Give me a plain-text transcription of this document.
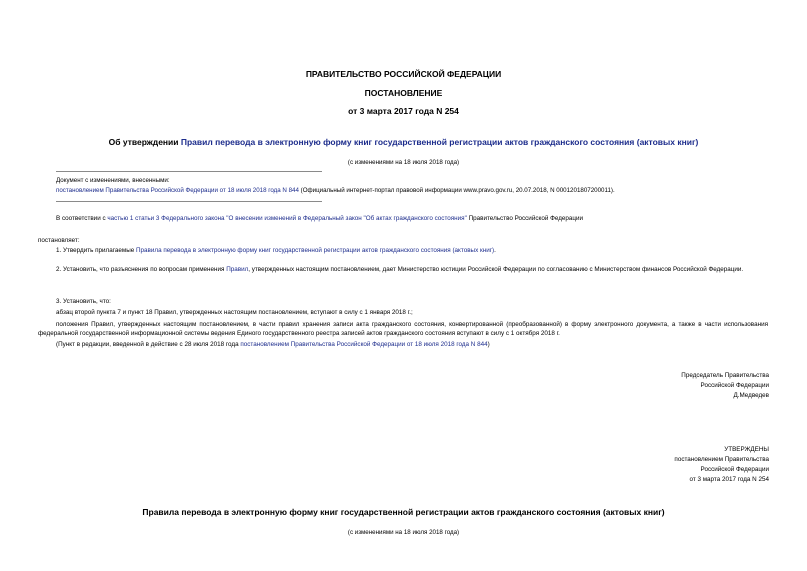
ПРАВИТЕЛЬСТВО РОССИЙСКОЙ ФЕДЕРАЦИИ
ПОСТАНОВЛЕНИЕ
от 3 марта 2017 года N 254
Об утверждении Правил перевода в электронную форму книг государственной регистрации актов гражданского состояния (актовых книг)
(с изменениями на 18 июля 2018 года)
Документ с изменениями, внесенными:
постановлением Правительства Российской Федерации от 18 июля 2018 года N 844 (Официальный интернет-портал правовой информации www.pravo.gov.ru, 20.07.2018, N 0001201807200011).
В соответствии с частью 1 статьи 3 Федерального закона "О внесении изменений в Федеральный закон "Об актах гражданского состояния" Правительство Российской Федерации
постановляет:
1. Утвердить прилагаемые Правила перевода в электронную форму книг государственной регистрации актов гражданского состояния (актовых книг).
2. Установить, что разъяснения по вопросам применения Правил, утвержденных настоящим постановлением, дает Министерство юстиции Российской Федерации по согласованию с Министерством финансов Российской Федерации.
3. Установить, что:
абзац второй пункта 7 и пункт 18 Правил, утвержденных настоящим постановлением, вступают в силу с 1 января 2018 г.;
положения Правил, утвержденных настоящим постановлением, в части правил хранения записи акта гражданского состояния, конвертированной (преобразованной) в форму электронного документа, а также в части использования федеральной государственной информационной системы ведения Единого государственного реестра записей актов гражданского состояния вступают в силу с 1 октября 2018 г.
(Пункт в редакции, введенной в действие с 28 июля 2018 года постановлением Правительства Российской Федерации от 18 июля 2018 года N 844)
Председатель Правительства
Российской Федерации
Д.Медведев
УТВЕРЖДЕНЫ
постановлением Правительства
Российской Федерации
от 3 марта 2017 года N 254
Правила перевода в электронную форму книг государственной регистрации актов гражданского состояния (актовых книг)
(с изменениями на 18 июля 2018 года)
